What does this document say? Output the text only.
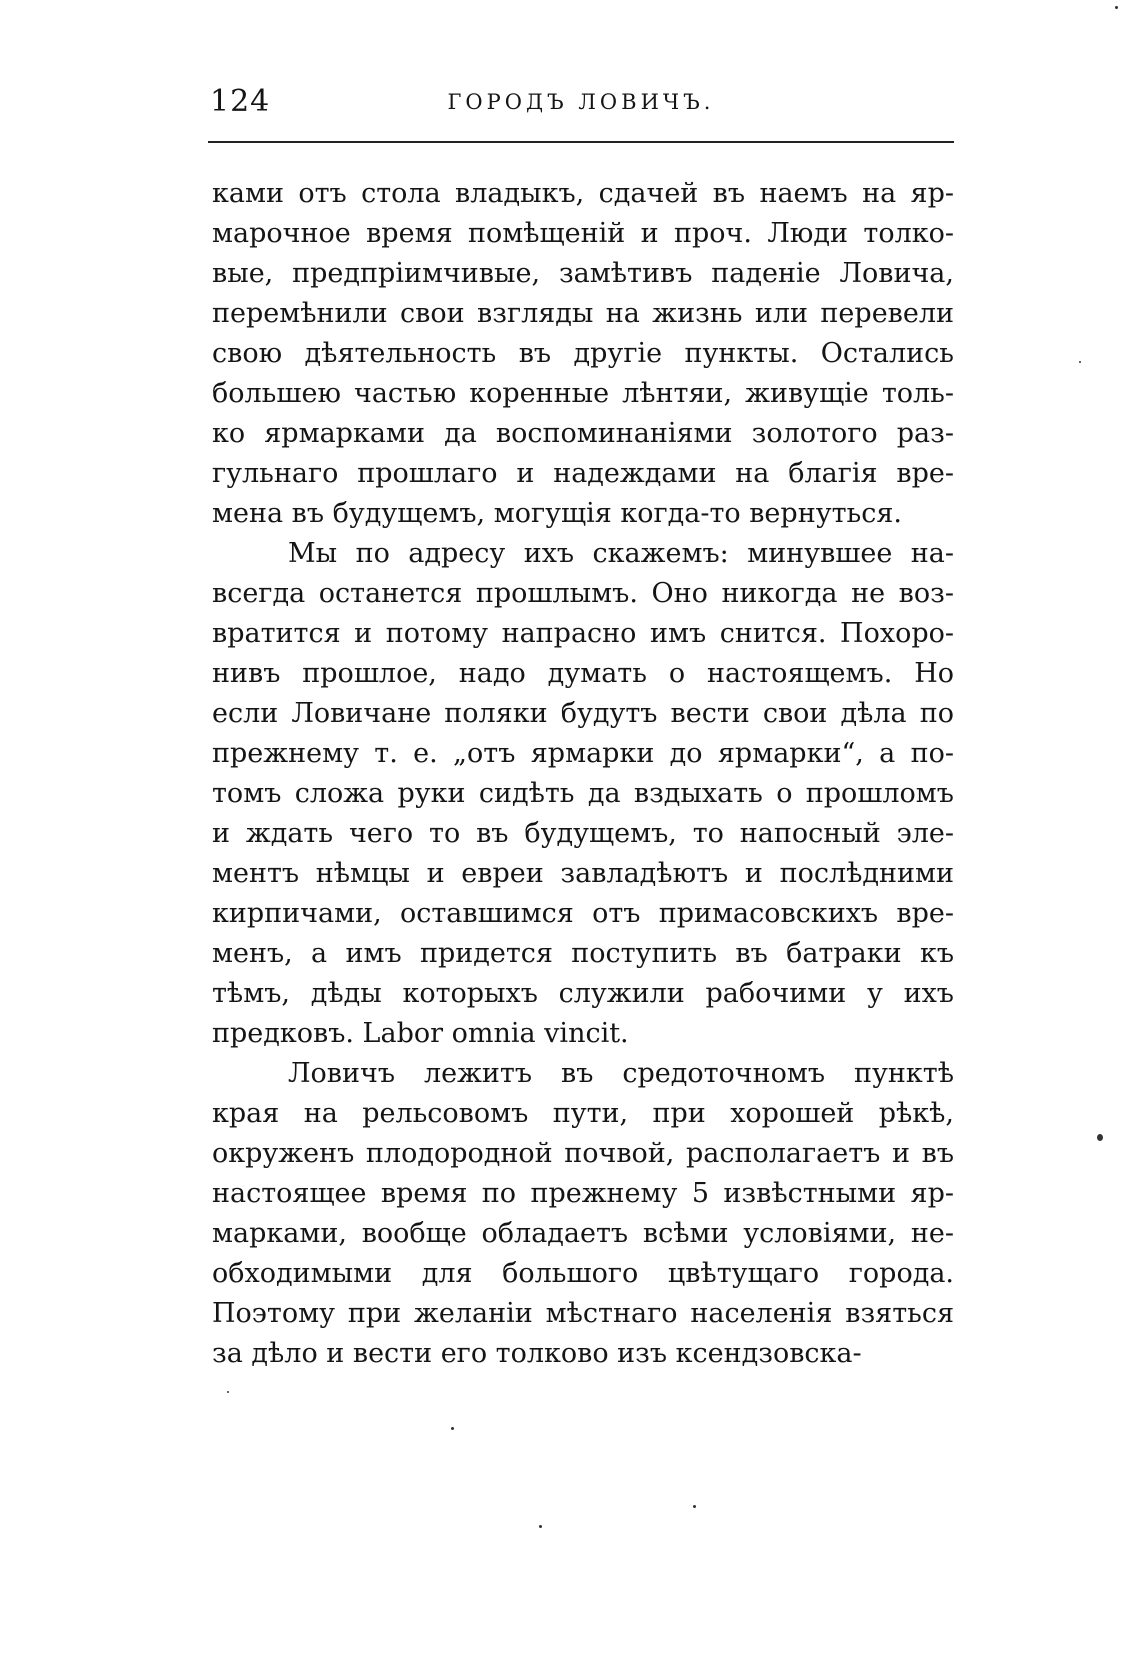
124	ГОРОДЪ ЛОВИЧЪ.
ками отъ стола владыкъ, сдачей въ наемъ на яр-
марочное время помѣщеній и проч. Люди толко-
вые, предпріимчивые, замѣтивъ паденіе Ловича,
перемѣнили свои взгляды на жизнь или перевели
свою дѣятельность въ другіе пункты. Остались
большею частью коренные лѣнтяи, живущіе толь-
ко ярмарками да воспоминаніями золотого раз-
гульнаго прошлаго и надеждами на благія вре-
мена въ будущемъ, могущія когда-то вернуться.
Мы по адресу ихъ скажемъ: минувшее на-
всегда останется прошлымъ. Оно никогда не воз-
вратится и потому напрасно имъ снится. Похоро-
нивъ прошлое, надо думать о настоящемъ. Но
если Ловичане поляки будутъ вести свои дѣла по
прежнему т. е. „отъ ярмарки до ярмарки“, а по-
томъ сложа руки сидѣть да вздыхать о прошломъ
и ждать чего то въ будущемъ, то напосный эле-
ментъ нѣмцы и евреи завладѣютъ и послѣдними
кирпичами, оставшимся отъ примасовскихъ вре-
менъ, а имъ придется поступить въ батраки къ
тѣмъ, дѣды которыхъ служили рабочими у ихъ
предковъ. Labor omnia vincit.
Ловичъ лежитъ въ средоточномъ пунктѣ
края на рельсовомъ пути, при хорошей рѣкѣ,
окруженъ плодородной почвой, располагаетъ и въ
настоящее время по прежнему 5 извѣстными яр-
марками, вообще обладаетъ всѣми условіями, не-
обходимыми для большого цвѣтущаго города.
Поэтому при желаніи мѣстнаго населенія взяться
за дѣло и вести его толково изъ ксендзовска-
